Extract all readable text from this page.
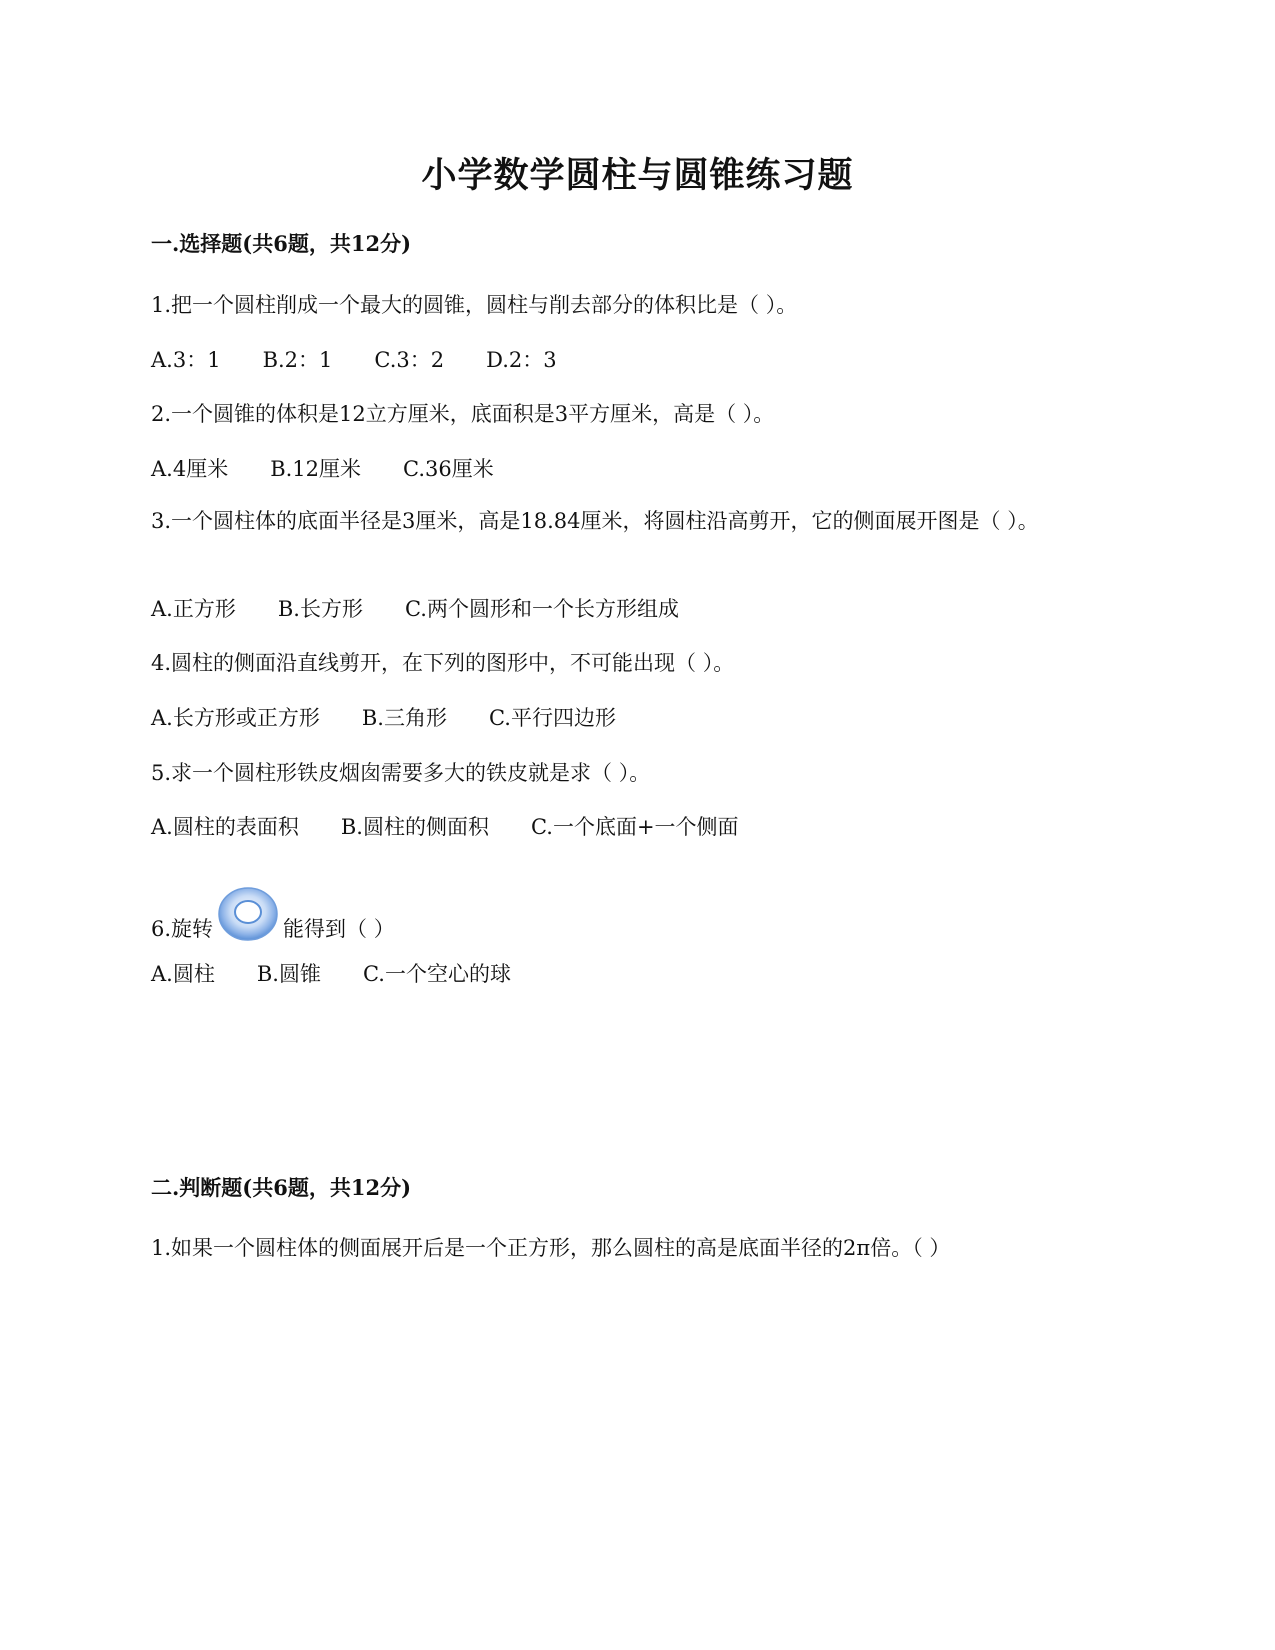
小学数学圆柱与圆锥练习题
一.选择题(共6题，共12分)
1.把一个圆柱削成一个最大的圆锥，圆柱与削去部分的体积比是（ ）。
A.3：1 B.2：1 C.3：2 D.2：3
2.一个圆锥的体积是12立方厘米，底面积是3平方厘米，高是（ ）。
A.4厘米 B.12厘米 C.36厘米
3.一个圆柱体的底面半径是3厘米，高是18.84厘米，将圆柱沿高剪开，它的侧面展开图是（ ）。
A.正方形 B.长方形 C.两个圆形和一个长方形组成
4.圆柱的侧面沿直线剪开，在下列的图形中，不可能出现（ ）。
A.长方形或正方形 B.三角形 C.平行四边形
5.求一个圆柱形铁皮烟囱需要多大的铁皮就是求（ ）。
A.圆柱的表面积 B.圆柱的侧面积 C.一个底面+一个侧面
6.旋转	能得到（ ）
A.圆柱 B.圆锥 C.一个空心的球
二.判断题(共6题，共12分)
1.如果一个圆柱体的侧面展开后是一个正方形，那么圆柱的高是底面半径的2π倍。（ ）
